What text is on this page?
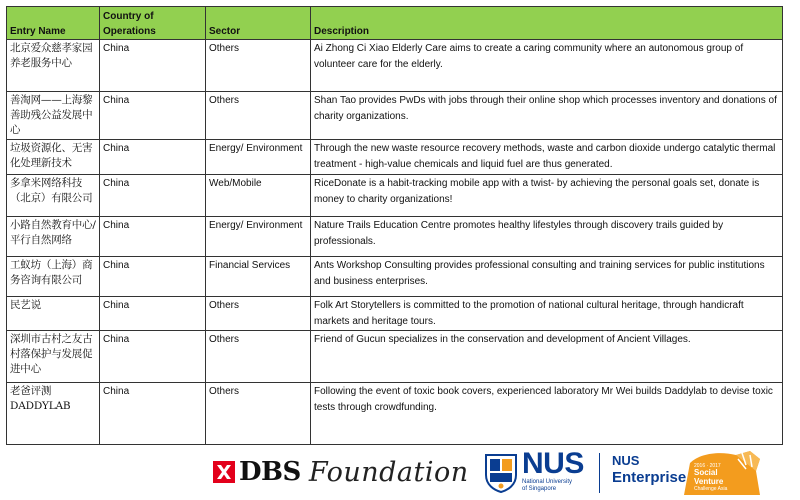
Entry Name	Country of Operations	Sector	Description
北京爱众慈孝家园养老服务中心	China	Others	Ai Zhong Ci Xiao Elderly Care aims to create a caring community where an autonomous group of volunteer care for the elderly.
善淘网——上海黎善助残公益发展中心	China	Others	Shan Tao provides PwDs with jobs through their online shop which processes inventory and donations of charity organizations.
垃圾资源化、无害化处理新技术	China	Energy/ Environment	Through the new waste resource recovery methods, waste and carbon dioxide undergo catalytic thermal treatment - high-value chemicals and liquid fuel are thus generated.
多拿米网络科技（北京）有限公司	China	Web/Mobile	RiceDonate is a habit-tracking mobile app with a twist- by achieving the personal goals set, donate is money to charity organizations!
小路自然教育中心/平行自然网络	China	Energy/ Environment	Nature Trails Education Centre promotes healthy lifestyles through discovery trails guided by professionals.
工蚁坊（上海）商务咨询有限公司	China	Financial Services	Ants Workshop Consulting provides professional consulting and training services for public institutions and business enterprises.
民艺说	China	Others	Folk Art Storytellers is committed to the promotion of national cultural heritage, through handicraft markets and heritage tours.
深圳市古村之友古村落保护与发展促进中心	China	Others	Friend of Gucun specializes in the conservation and development of Ancient Villages.
老爸评测DADDYLAB	China	Others	Following the event of toxic book covers, experienced laboratory Mr Wei builds Daddylab to devise toxic tests through crowdfunding.
DBS Foundation NUS
National University
of Singapore
NUS
Enterprise
2016 · 2017
Social
Venture
Challenge Asia
